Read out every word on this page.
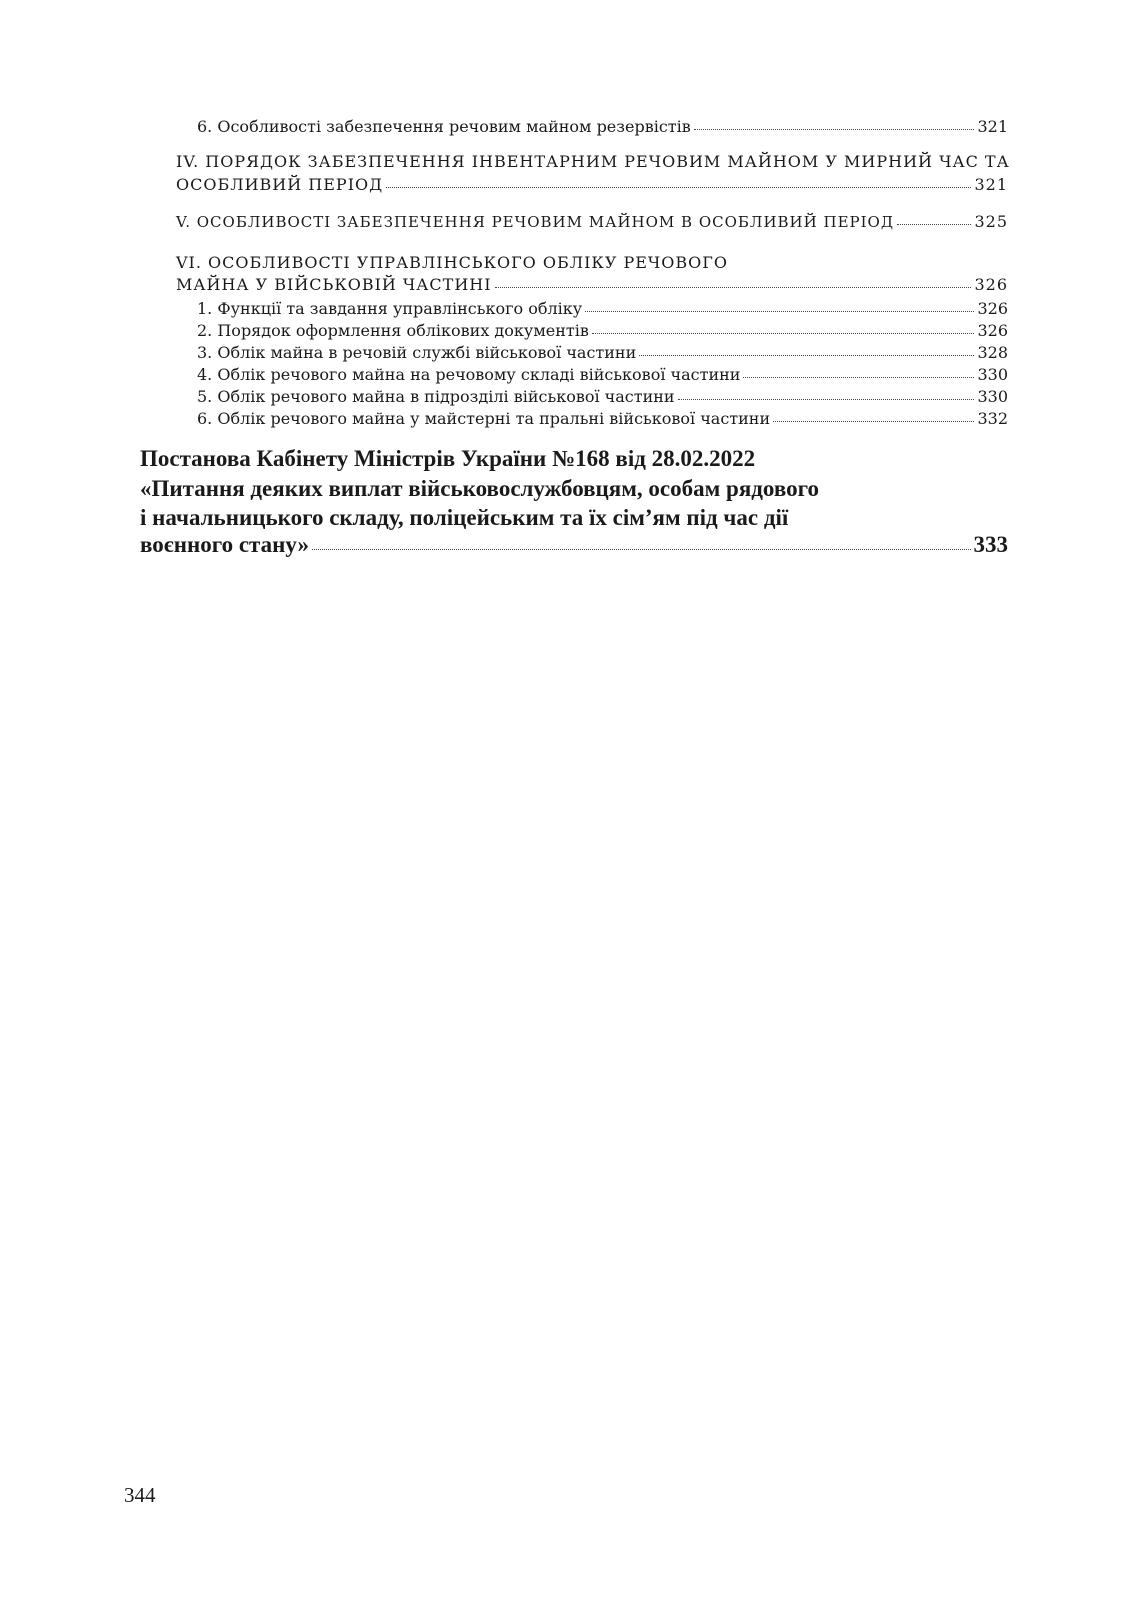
6. Особливості забезпечення речовим майном резервістів	321
IV. ПОРЯДОК ЗАБЕЗПЕЧЕННЯ ІНВЕНТАРНИМ РЕЧОВИМ МАЙНОМ У МИРНИЙ ЧАС ТА
ОСОБЛИВИЙ ПЕРІОД	321
V. ОСОБЛИВОСТІ ЗАБЕЗПЕЧЕННЯ РЕЧОВИМ МАЙНОМ В ОСОБЛИВИЙ ПЕРІОД	325
VI. ОСОБЛИВОСТІ УПРАВЛІНСЬКОГО ОБЛІКУ РЕЧОВОГО
МАЙНА У ВІЙСЬКОВІЙ ЧАСТИНІ	326
1. Функції та завдання управлінського обліку	326
2. Порядок оформлення облікових документів	326
3. Облік майна в речовій службі військової частини	328
4. Облік речового майна на речовому складі військової частини	330
5. Облік речового майна в підрозділі військової частини	330
6. Облік речового майна у майстерні та пральні військової частини	332
Постанова Кабінету Міністрів України №168 від 28.02.2022
«Питання деяких виплат військовослужбовцям, особам рядового
і начальницького складу, поліцейським та їх сім’ям під час дії
воєнного стану»	333
344
